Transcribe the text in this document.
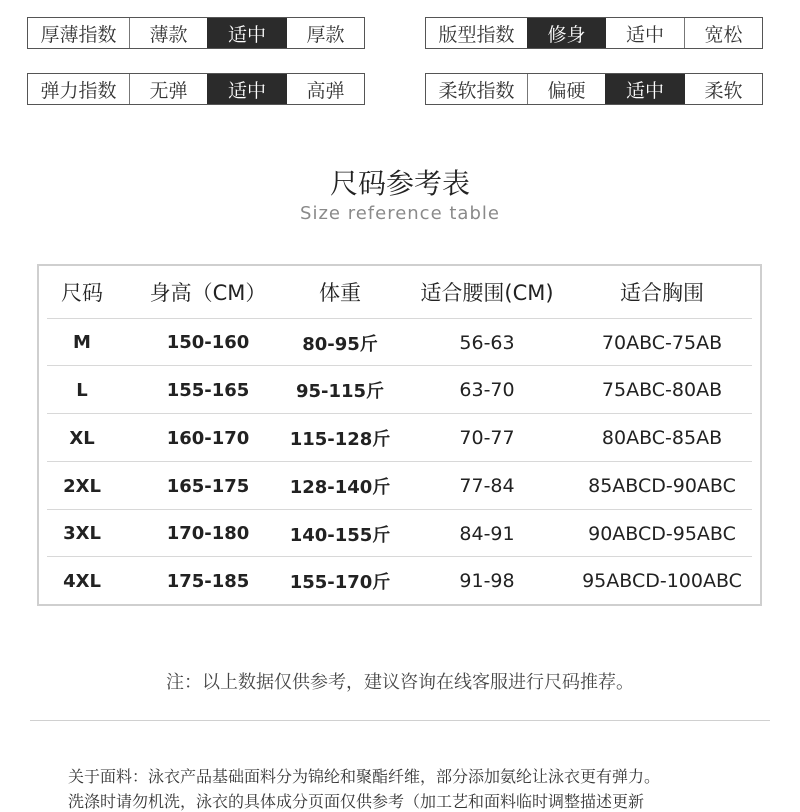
厚薄指数	薄款	适中	厚款	版型指数	修身	适中	宽松
弹力指数	无弹	适中	高弹	柔软指数	偏硬	适中	柔软
尺码参考表
Size reference table
尺码	身高（CM）	体重	适合腰围(CM)	适合胸围
M	150-160	80-95斤	56-63	70ABC-75AB
L	155-165	95-115斤	63-70	75ABC-80AB
XL	160-170	115-128斤	70-77	80ABC-85AB
2XL	165-175	128-140斤	77-84	85ABCD-90ABC
3XL	170-180	140-155斤	84-91	90ABCD-95ABC
4XL	175-185	155-170斤	91-98	95ABCD-100ABC
注：以上数据仅供参考，建议咨询在线客服进行尺码推荐。
关于面料：泳衣产品基础面料分为锦纶和聚酯纤维，部分添加氨纶让泳衣更有弹力。
洗涤时请勿机洗，泳衣的具体成分页面仅供参考（加工艺和面料临时调整描述更新
